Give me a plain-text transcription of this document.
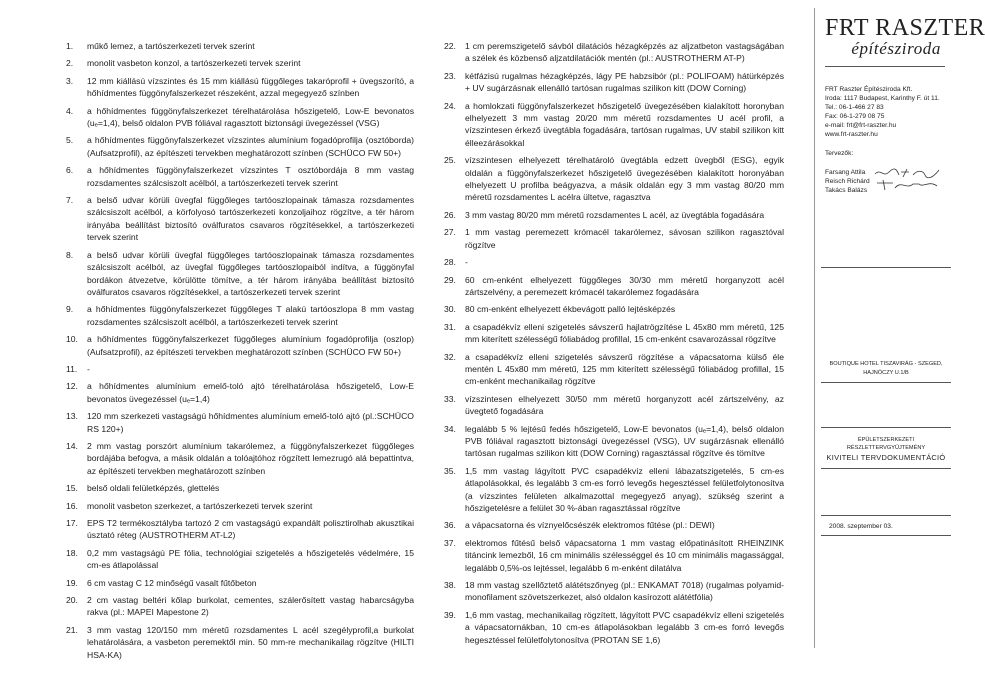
1.	műkő lemez, a tartószerkezeti tervek szerint
2.	monolit vasbeton konzol, a tartószerkezeti tervek szerint
3.	12 mm kiállású vízszintes és 15 mm kiállású függőleges takaróprofil + üvegszorító, a hőhídmentes függönyfalszerkezet részeként, azzal megegyező színben
4.	a hőhídmentes függönyfalszerkezet térelhatárolása hőszigetelő, Low-E bevonatos (uₑ=1,4), belső oldalon PVB fóliával ragasztott biztonsági üvegezéssel (VSG)
5.	a hőhídmentes függönyfalszerkezet vízszintes alumínium fogadóprofilja (osztóborda) (Aufsatzprofil), az építészeti tervekben meghatározott színben (SCHÜCO FW 50+)
6.	a hőhídmentes függönyfalszerkezet vízszintes T osztóbordája 8 mm vastag rozsdamentes szálcsiszolt acélból, a tartószerkezeti tervek szerint
7.	a belső udvar körüli üvegfal függőleges tartóoszlopainak támasza rozsdamentes szálcsiszolt acélból, a körfolyosó tartószerkezeti konzoljaihoz rögzítve, a tér három irányába beállítást biztosító oválfuratos csavaros rögzítésekkel, a tartószerkezeti tervek szerint
8.	a belső udvar körüli üvegfal függőleges tartóoszlopainak támasza rozsdamentes szálcsiszolt acélból, az üvegfal függőleges tartóoszlopaiból indítva, a függönyfal bordákon átvezetve, körülötte tömítve, a tér három irányába beállítást biztosító oválfuratos csavaros rögzítésekkel, a tartószerkezeti tervek szerint
9.	a hőhídmentes függönyfalszerkezet függőleges T alakú tartóoszlopa 8 mm vastag rozsdamentes szálcsiszolt acélból, a tartószerkezeti tervek szerint
10.	a hőhídmentes függönyfalszerkezet függőleges alumínium fogadóprofilja (oszlop) (Aufsatzprofil), az építészeti tervekben meghatározott színben (SCHÜCO FW 50+)
11.	-
12.	a hőhídmentes alumínium emelő-toló ajtó térelhatárolása hőszigetelő, Low-E bevonatos üvegezéssel (uₑ=1,4)
13.	120 mm szerkezeti vastagságú hőhídmentes alumínium emelő-toló ajtó (pl.:SCHÜCO RS 120+)
14.	2 mm vastag porszórt alumínium takarólemez, a függönyfalszerkezet függőleges bordájába befogva, a másik oldalán a tolóajtóhoz rögzített lemezrugó alá bepattintva, az építészeti tervekben meghatározott színben
15.	belső oldali felületképzés, glettelés
16.	monolit vasbeton szerkezet, a tartószerkezeti tervek szerint
17.	EPS T2 termékosztályba tartozó 2 cm vastagságú expandált polisztirolhab akusztikai úsztató réteg (AUSTROTHERM AT-L2)
18.	0,2 mm vastagságú PE fólia, technológiai szigetelés a hőszigetelés védelmére, 15 cm-es átlapolással
19.	6 cm vastag C 12 minőségű vasalt fűtőbeton
20.	2 cm vastag beltéri kőlap burkolat, cementes, szálerősített vastag habarcságyba rakva (pl.: MAPEI Mapestone 2)
21.	3 mm vastag 120/150 mm méretű rozsdamentes L acél szegélyprofil,a burkolat lehatárolására, a vasbeton peremektől min. 50 mm-re mechanikailag rögzítve (HILTI HSA-KA)
22.	1 cm peremszigetelő sávból dilatációs hézagképzés az aljzatbeton vastagságában a szélek és közbenső aljzatdilatációk mentén (pl.: AUSTROTHERM AT-P)
23.	kétfázisú rugalmas hézagképzés, lágy PE habzsibór (pl.: POLIFOAM) hátürképzés + UV sugárzásnak ellenálló tartósan rugalmas szilikon kitt (DOW Corning)
24.	a homlokzati függönyfalszerkezet hőszigetelő üvegezésében kialakított horonyban elhelyezett 3 mm vastag 20/20 mm méretű rozsdamentes U acél profil, a vízszintesen érkező üvegtábla fogadására, tartósan rugalmas, UV stabil szilikon kitt élleezárásokkal
25.	vízszintesen elhelyezett térelhatároló üvegtábla edzett üvegből (ESG), egyik oldalán a függönyfalszerkezet hőszigetelő üvegezésében kialakított horonyában elhelyezett U profilba beágyazva, a másik oldalán egy 3 mm vastag 80/20 mm méretű rozsdamentes L acélra ültetve, ragasztva
26.	3 mm vastag 80/20 mm méretű rozsdamentes L acél, az üvegtábla fogadására
27.	1 mm vastag peremezett krómacél takarólemez, sávosan szilikon ragasztóval rögzítve
28.	-
29.	60 cm-enként elhelyezett függőleges 30/30 mm méretű horganyzott acél zártszelvény, a peremezett krómacél takarólemez fogadására
30.	80 cm-enként elhelyezett ékbevágott palló lejtésképzés
31.	a csapadékvíz elleni szigetelés sávszerű hajlatrögzítése L 45x80 mm méretű, 125 mm kiterített szélességű fóliabádog profillal, 15 cm-enként csavarozással rögzítve
32.	a csapadékvíz elleni szigetelés sávszerű rögzítése a vápacsatorna külső éle mentén L 45x80 mm méretű, 125 mm kiterített szélességű fóliabádog profillal, 15 cm-enként mechanikailag rögzítve
33.	vízszintesen elhelyezett 30/50 mm méretű horganyzott acél zártszelvény, az üvegtető fogadására
34.	legalább 5 % lejtésű fedés hőszigetelő, Low-E bevonatos (uₑ=1,4), belső oldalon PVB fóliával ragasztott biztonsági üvegezéssel (VSG), UV sugárzásnak ellenálló tartósan rugalmas szilikon kitt (DOW Corning) ragasztással rögzítve és tömítve
35.	1,5 mm vastag lágyított PVC csapadékvíz elleni lábazatszigetelés, 5 cm-es átlapolásokkal, és legalább 3 cm-es forró levegős hegesztéssel felületfolytonosítva (a vízszintes felületen alkalmazottal megegyező anyag), szükség szerint a hőszigetelésre a felület 30 %-ában ragasztással rögzítve
36.	a vápacsatorna és víznyelőcsészék elektromos fűtése (pl.: DEWI)
37.	elektromos fűtésű belső vápacsatorna 1 mm vastag előpatinásított RHEINZINK titáncink lemezből, 16 cm minimális szélességgel és 10 cm minimális magassággal, legalább 0,5%-os lejtéssel, legalább 6 m-enként dilatálva
38.	18 mm vastag szellőztető alátétszőnyeg (pl.: ENKAMAT 7018) (rugalmas polyamid-monofilament szövetszerkezet, alsó oldalon kasírozott alátétfólia)
39.	1,6 mm vastag, mechanikailag rögzített, lágyított PVC csapadékvíz elleni szigetelés a vápacsatornákban, 10 cm-es átlapolásokban legalább 3 cm-es forró levegős hegesztéssel felületfolytonosítva (PROTAN SE 1,6)
FRT RASZTER
építésziroda
FRT Raszter Építésziroda Kft.
Iroda: 1117 Budapest, Karinthy F. út 11.
Tel.: 06-1-466 27 83
Fax: 06-1-279 08 75
e-mail: frt@frt-raszter.hu
www.frt-raszter.hu
Tervezők:
Farsang Attila
Reisch Richárd
Takács Balázs
BOUTIQUE HOTEL TISZAVIRÁG - SZEGED, HAJNÓCZY U.1/B
ÉPÜLETSZERKEZETI RÉSZLETTERVGYŰJTEMÉNY
KIVITELI TERVDOKUMENTÁCIÓ
2008. szeptember 03.
